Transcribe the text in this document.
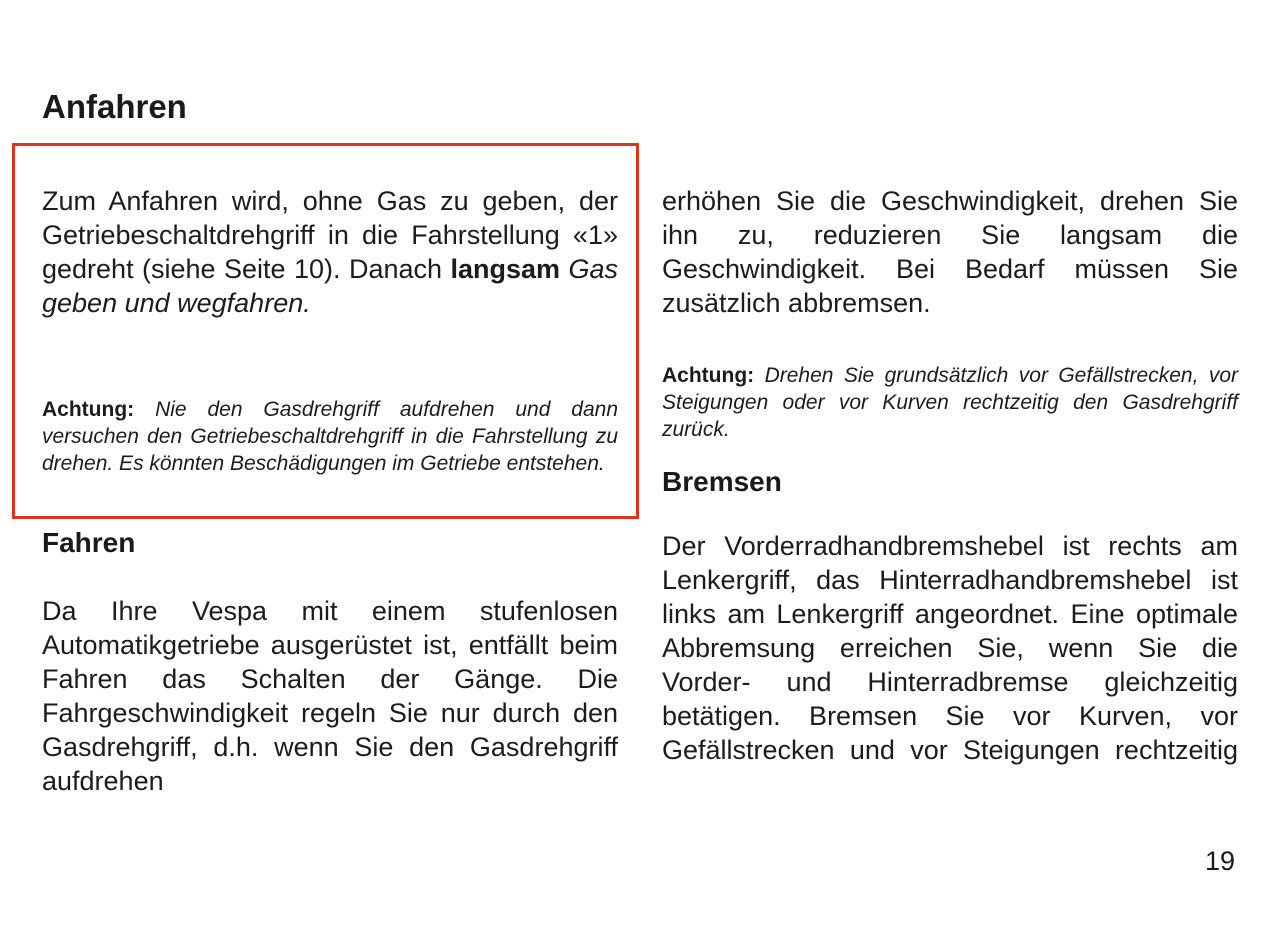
Anfahren

Zum Anfahren wird, ohne Gas zu geben, der Getriebeschaltdrehgriff in die Fahrstellung «1» gedreht (siehe Seite 10). Danach langsam Gas geben und wegfahren.

Achtung: Nie den Gasdrehgriff aufdrehen und dann versuchen den Getriebeschaltdrehgriff in die Fahrstellung zu drehen. Es könnten Beschädigungen im Getriebe entstehen.

Fahren

Da Ihre Vespa mit einem stufenlosen Automatikgetriebe ausgerüstet ist, entfällt beim Fahren das Schalten der Gänge. Die Fahrgeschwindigkeit regeln Sie nur durch den Gasdrehgriff, d.h. wenn Sie den Gasdrehgriff aufdrehen

erhöhen Sie die Geschwindigkeit, drehen Sie ihn zu, reduzieren Sie langsam die Geschwindigkeit. Bei Bedarf müssen Sie zusätzlich abbremsen.

Achtung: Drehen Sie grundsätzlich vor Gefällstrecken, vor Steigungen oder vor Kurven rechtzeitig den Gasdrehgriff zurück.

Bremsen

Der Vorderradhandbremshebel ist rechts am Lenkergriff, das Hinterradhandbremshebel ist links am Lenkergriff angeordnet. Eine optimale Abbremsung erreichen Sie, wenn Sie die Vorder- und Hinterradbremse gleichzeitig betätigen. Bremsen Sie vor Kurven, vor Gefällstrecken und vor Steigungen rechtzeitig

19
